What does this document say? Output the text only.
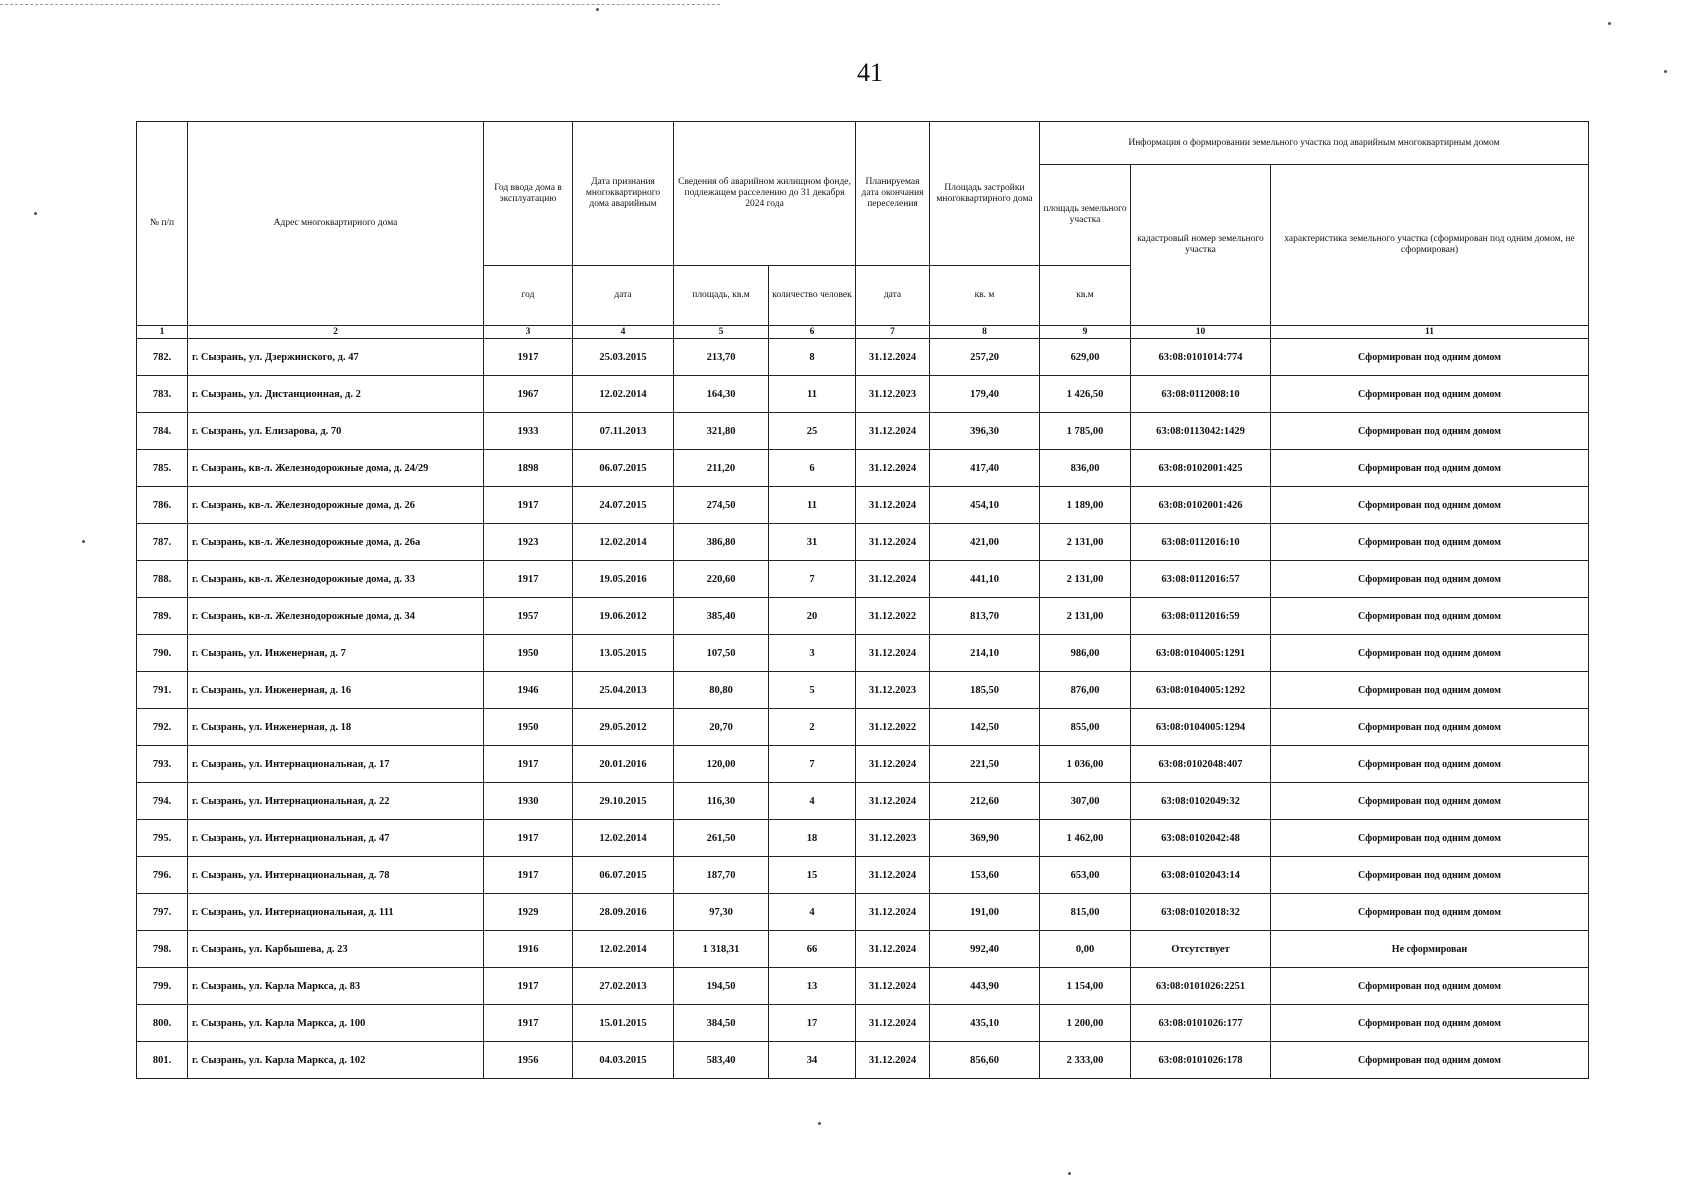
41
№ п/п	Адрес многоквартирного дома	Год ввода дома в эксплуатацию	Дата признания многоквартирного дома аварийным	Сведения об аварийном жилищном фонде, подлежащем расселению до 31 декабря 2024 года		Планируемая дата окончания переселения	Площадь застройки многоквартирного дома	Информация о формировании земельного участка под аварийным многоквартирным домом		
								площадь земельного участка	кадастровый номер земельного участка	характеристика земельного участка (сформирован под одним домом, не сформирован)
		год	дата	площадь, кв.м	количество человек	дата	кв. м	кв.м		
1	2	3	4	5	6	7	8	9	10	11
782.	г. Сызрань, ул. Дзержинского, д. 47	1917	25.03.2015	213,70	8	31.12.2024	257,20	629,00	63:08:0101014:774	Сформирован под одним домом
783.	г. Сызрань, ул. Дистанционная, д. 2	1967	12.02.2014	164,30	11	31.12.2023	179,40	1 426,50	63:08:0112008:10	Сформирован под одним домом
784.	г. Сызрань, ул. Елизарова, д. 70	1933	07.11.2013	321,80	25	31.12.2024	396,30	1 785,00	63:08:0113042:1429	Сформирован под одним домом
785.	г. Сызрань, кв-л. Железнодорожные дома, д. 24/29	1898	06.07.2015	211,20	6	31.12.2024	417,40	836,00	63:08:0102001:425	Сформирован под одним домом
786.	г. Сызрань, кв-л. Железнодорожные дома, д. 26	1917	24.07.2015	274,50	11	31.12.2024	454,10	1 189,00	63:08:0102001:426	Сформирован под одним домом
787.	г. Сызрань, кв-л. Железнодорожные дома, д. 26а	1923	12.02.2014	386,80	31	31.12.2024	421,00	2 131,00	63:08:0112016:10	Сформирован под одним домом
788.	г. Сызрань, кв-л. Железнодорожные дома, д. 33	1917	19.05.2016	220,60	7	31.12.2024	441,10	2 131,00	63:08:0112016:57	Сформирован под одним домом
789.	г. Сызрань, кв-л. Железнодорожные дома, д. 34	1957	19.06.2012	385,40	20	31.12.2022	813,70	2 131,00	63:08:0112016:59	Сформирован под одним домом
790.	г. Сызрань, ул. Инженерная, д. 7	1950	13.05.2015	107,50	3	31.12.2024	214,10	986,00	63:08:0104005:1291	Сформирован под одним домом
791.	г. Сызрань, ул. Инженерная, д. 16	1946	25.04.2013	80,80	5	31.12.2023	185,50	876,00	63:08:0104005:1292	Сформирован под одним домом
792.	г. Сызрань, ул. Инженерная, д. 18	1950	29.05.2012	20,70	2	31.12.2022	142,50	855,00	63:08:0104005:1294	Сформирован под одним домом
793.	г. Сызрань, ул. Интернациональная, д. 17	1917	20.01.2016	120,00	7	31.12.2024	221,50	1 036,00	63:08:0102048:407	Сформирован под одним домом
794.	г. Сызрань, ул. Интернациональная, д. 22	1930	29.10.2015	116,30	4	31.12.2024	212,60	307,00	63:08:0102049:32	Сформирован под одним домом
795.	г. Сызрань, ул. Интернациональная, д. 47	1917	12.02.2014	261,50	18	31.12.2023	369,90	1 462,00	63:08:0102042:48	Сформирован под одним домом
796.	г. Сызрань, ул. Интернациональная, д. 78	1917	06.07.2015	187,70	15	31.12.2024	153,60	653,00	63:08:0102043:14	Сформирован под одним домом
797.	г. Сызрань, ул. Интернациональная, д. 111	1929	28.09.2016	97,30	4	31.12.2024	191,00	815,00	63:08:0102018:32	Сформирован под одним домом
798.	г. Сызрань, ул. Карбышева, д. 23	1916	12.02.2014	1 318,31	66	31.12.2024	992,40	0,00	Отсутствует	Не сформирован
799.	г. Сызрань, ул. Карла Маркса, д. 83	1917	27.02.2013	194,50	13	31.12.2024	443,90	1 154,00	63:08:0101026:2251	Сформирован под одним домом
800.	г. Сызрань, ул. Карла Маркса, д. 100	1917	15.01.2015	384,50	17	31.12.2024	435,10	1 200,00	63:08:0101026:177	Сформирован под одним домом
801.	г. Сызрань, ул. Карла Маркса, д. 102	1956	04.03.2015	583,40	34	31.12.2024	856,60	2 333,00	63:08:0101026:178	Сформирован под одним домом
